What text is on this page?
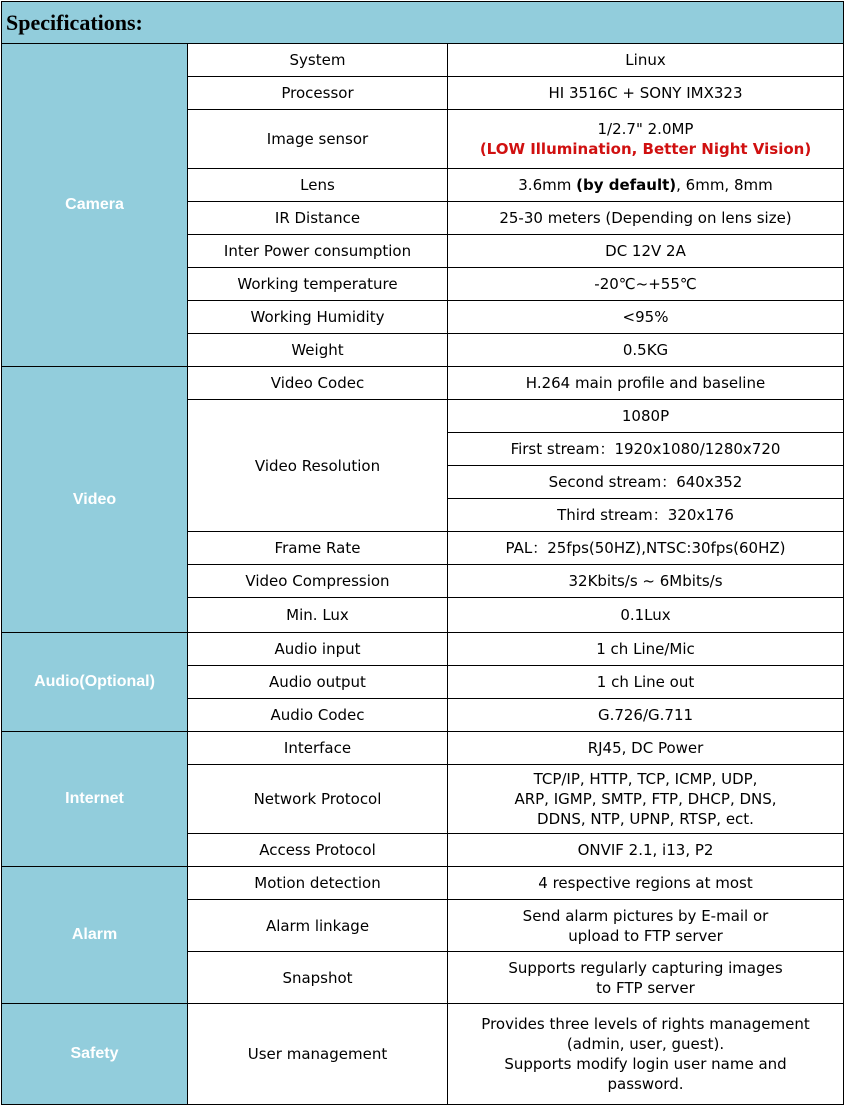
Specifications:		
Camera	System	Linux

	Processor	HI 3516C + SONY IMX323

	Image sensor	1/2.7" 2.0MP
(LOW Illumination, Better Night Vision)

	Lens	3.6mm (by default), 6mm, 8mm

	IR Distance	25-30 meters (Depending on lens size)

	Inter Power consumption	DC 12V 2A

	Working temperature	-20℃~+55℃

	Working Humidity	<95%

	Weight	0.5KG

Video	Video Codec	H.264 main profile and baseline

	Video Resolution	1080P

		First stream：1920x1080/1280x720

		Second stream：640x352

		Third stream：320x176

	Frame Rate	PAL：25fps(50HZ),NTSC:30fps(60HZ)

	Video Compression	32Kbits/s ~ 6Mbits/s

	Min. Lux	0.1Lux

Audio(Optional)	Audio input	1 ch Line/Mic

	Audio output	1 ch Line out

	Audio Codec	G.726/G.711

Internet	Interface	RJ45, DC Power

	Network Protocol	TCP/IP, HTTP, TCP, ICMP, UDP,
ARP, IGMP, SMTP, FTP, DHCP, DNS,
DDNS, NTP, UPNP, RTSP, ect.

	Access Protocol	ONVIF 2.1, i13, P2

Alarm	Motion detection	4 respective regions at most

	Alarm linkage	Send alarm pictures by E-mail or
upload to FTP server

	Snapshot	Supports regularly capturing images
to FTP server

Safety	User management	Provides three levels of rights management
(admin, user, guest).
Supports modify login user name and
password.
